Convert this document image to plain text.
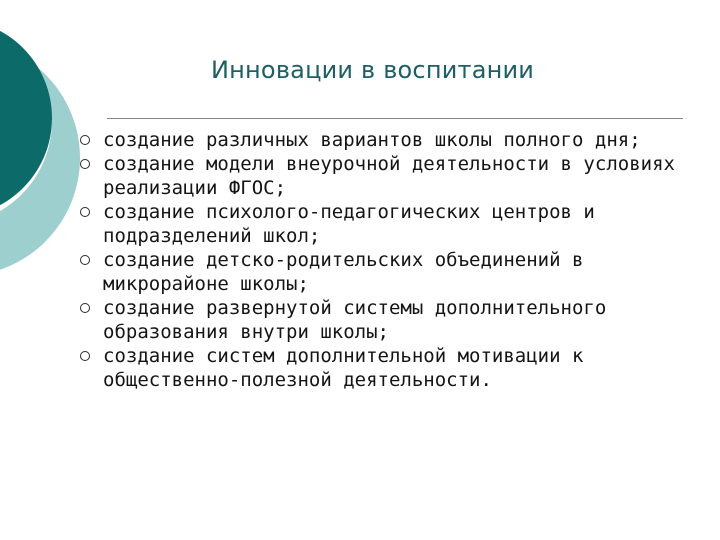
Инновации в воспитании
создание различных вариантов школы полного дня;
создание модели внеурочной деятельности в условиях реализации ФГОС;
создание психолого-педагогических центров и подразделений школ;
создание детско-родительских объединений в микрорайоне школы;
создание развернутой системы дополнительного образования внутри школы;
создание систем дополнительной мотивации к общественно-полезной деятельности.
